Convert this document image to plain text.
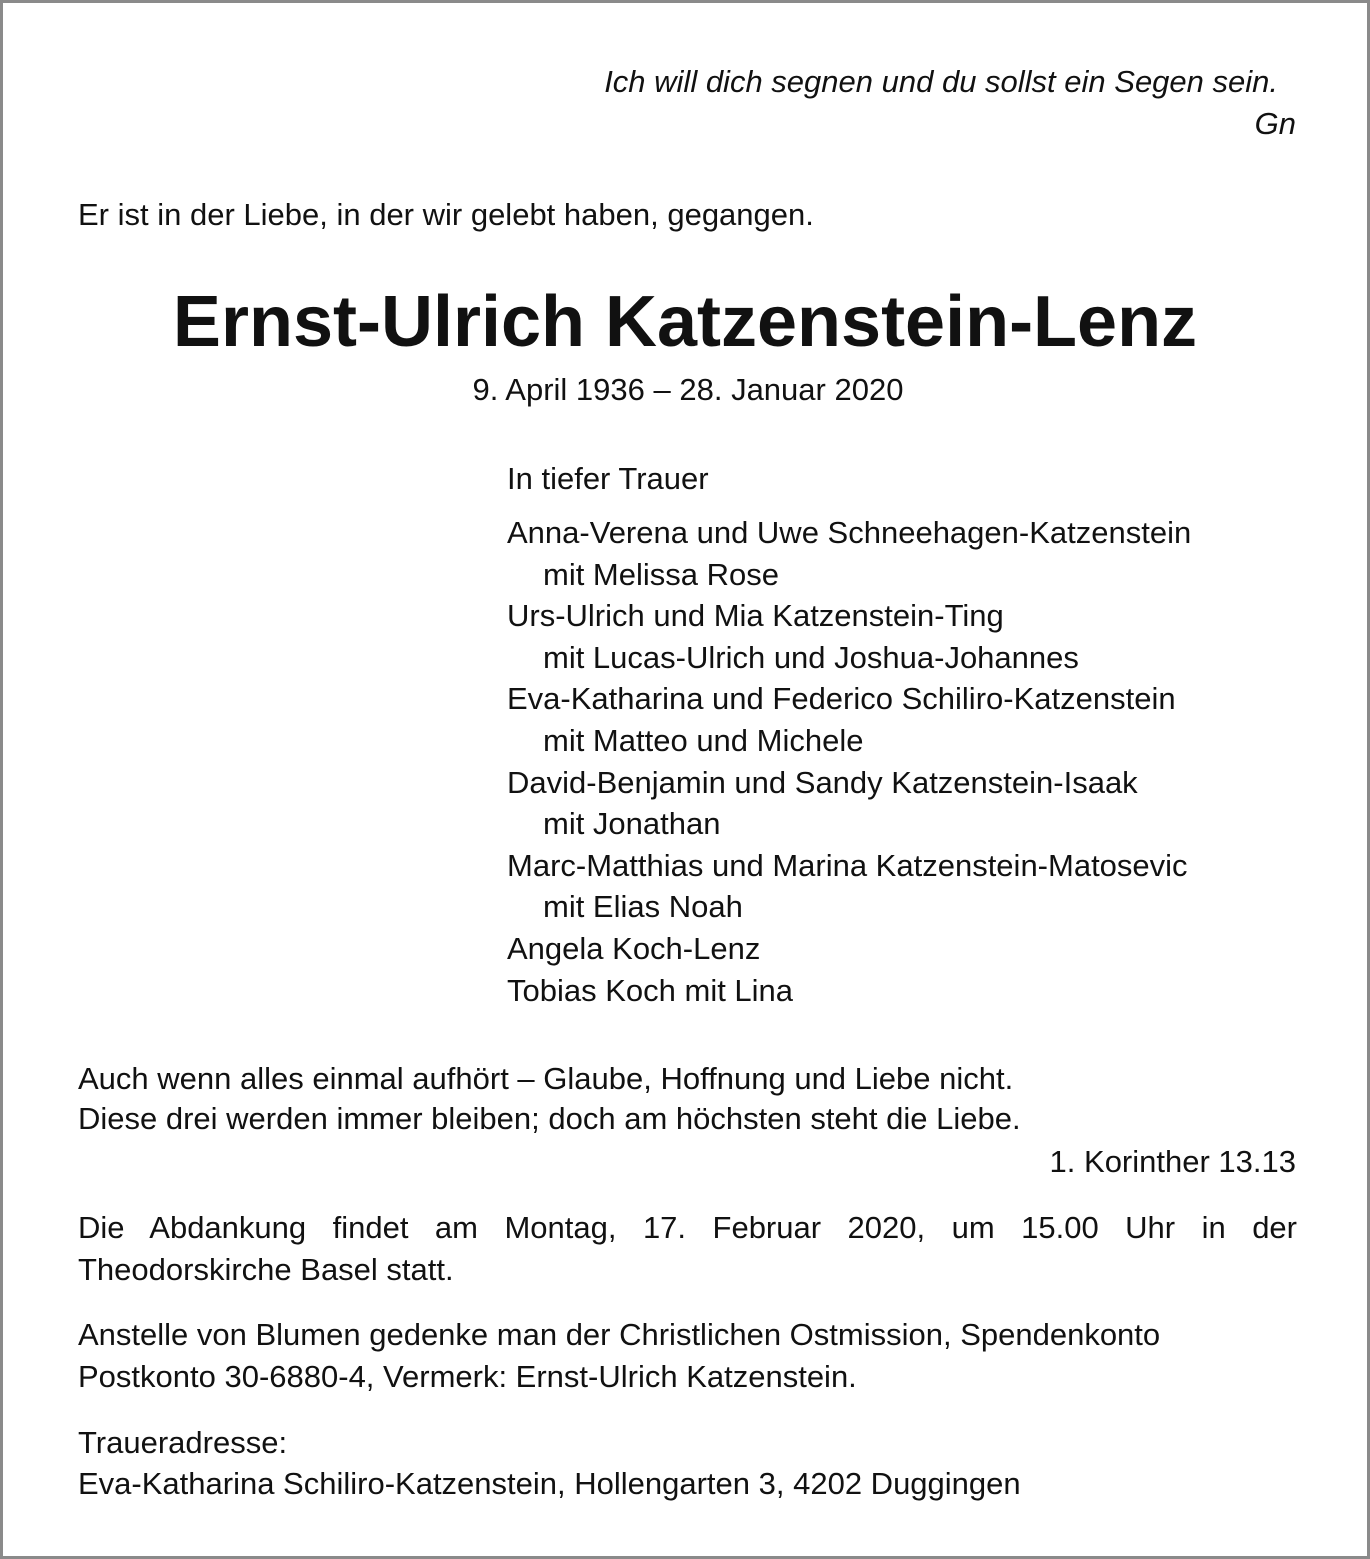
Ich will dich segnen und du sollst ein Segen sein.

Gn

Er ist in der Liebe, in der wir gelebt haben, gegangen.

Ernst-Ulrich Katzenstein-Lenz

9. April 1936 – 28. Januar 2020

In tiefer Trauer
Anna-Verena und Uwe Schneehagen-Katzenstein
mit Melissa Rose
Urs-Ulrich und Mia Katzenstein-Ting
mit Lucas-Ulrich und Joshua-Johannes
Eva-Katharina und Federico Schiliro-Katzenstein
mit Matteo und Michele
David-Benjamin und Sandy Katzenstein-Isaak
mit Jonathan
Marc-Matthias und Marina Katzenstein-Matosevic
mit Elias Noah
Angela Koch-Lenz
Tobias Koch mit Lina
Auch wenn alles einmal aufhört – Glaube, Hoffnung und Liebe nicht.
Diese drei werden immer bleiben; doch am höchsten steht die Liebe.

1. Korinther 13.13

Die Abdankung findet am Montag, 17. Februar 2020, um 15.00 Uhr in der Theodorskirche Basel statt.

Anstelle von Blumen gedenke man der Christlichen Ostmission, Spendenkonto
Postkonto 30-6880-4, Vermerk: Ernst-Ulrich Katzenstein.

Traueradresse:

Eva-Katharina Schiliro-Katzenstein, Hollengarten 3, 4202 Duggingen
